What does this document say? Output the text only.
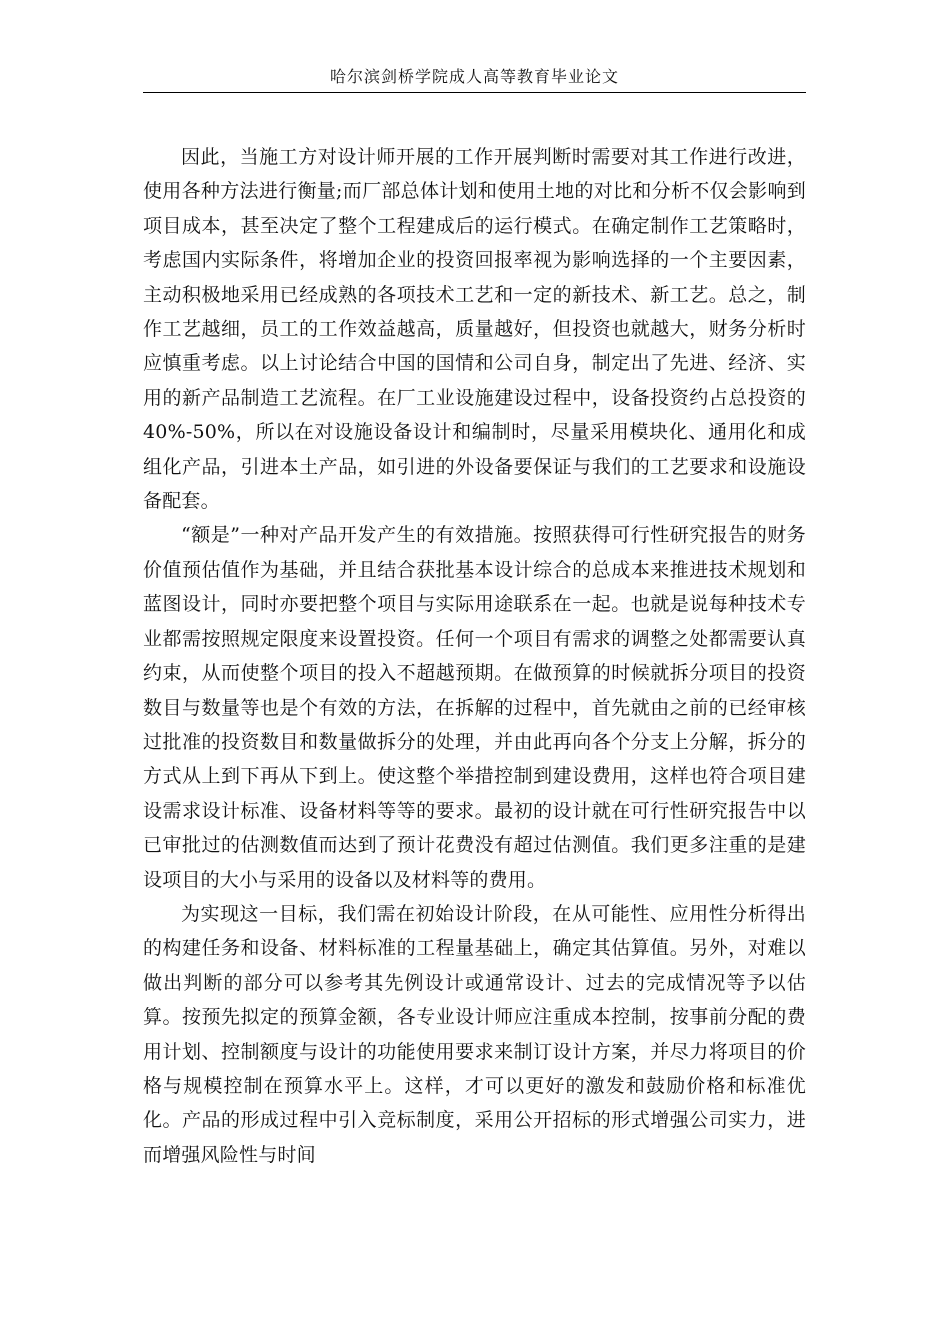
哈尔滨剑桥学院成人高等教育毕业论文

因此，当施工方对设计师开展的工作开展判断时需要对其工作进行改进，使用各种方法进行衡量;而厂部总体计划和使用土地的对比和分析不仅会影响到项目成本，甚至决定了整个工程建成后的运行模式。在确定制作工艺策略时，考虑国内实际条件，将增加企业的投资回报率视为影响选择的一个主要因素，主动积极地采用已经成熟的各项技术工艺和一定的新技术、新工艺。总之，制作工艺越细，员工的工作效益越高，质量越好，但投资也就越大，财务分析时应慎重考虑。以上讨论结合中国的国情和公司自身，制定出了先进、经济、实用的新产品制造工艺流程。在厂工业设施建设过程中，设备投资约占总投资的 40%-50%，所以在对设施设备设计和编制时，尽量采用模块化、通用化和成组化产品，引进本土产品，如引进的外设备要保证与我们的工艺要求和设施设备配套。

“额是”一种对产品开发产生的有效措施。按照获得可行性研究报告的财务价值预估值作为基础，并且结合获批基本设计综合的总成本来推进技术规划和蓝图设计，同时亦要把整个项目与实际用途联系在一起。也就是说每种技术专业都需按照规定限度来设置投资。任何一个项目有需求的调整之处都需要认真约束，从而使整个项目的投入不超越预期。在做预算的时候就拆分项目的投资数目与数量等也是个有效的方法，在拆解的过程中，首先就由之前的已经审核过批准的投资数目和数量做拆分的处理，并由此再向各个分支上分解，拆分的方式从上到下再从下到上。使这整个举措控制到建设费用，这样也符合项目建设需求设计标准、设备材料等等的要求。最初的设计就在可行性研究报告中以已审批过的估测数值而达到了预计花费没有超过估测值。我们更多注重的是建设项目的大小与采用的设备以及材料等的费用。

为实现这一目标，我们需在初始设计阶段，在从可能性、应用性分析得出的构建任务和设备、材料标准的工程量基础上，确定其估算值。另外，对难以做出判断的部分可以参考其先例设计或通常设计、过去的完成情况等予以估算。按预先拟定的预算金额，各专业设计师应注重成本控制，按事前分配的费用计划、控制额度与设计的功能使用要求来制订设计方案，并尽力将项目的价格与规模控制在预算水平上。这样，才可以更好的激发和鼓励价格和标准优化。产品的形成过程中引入竞标制度，采用公开招标的形式增强公司实力，进而增强风险性与时间
